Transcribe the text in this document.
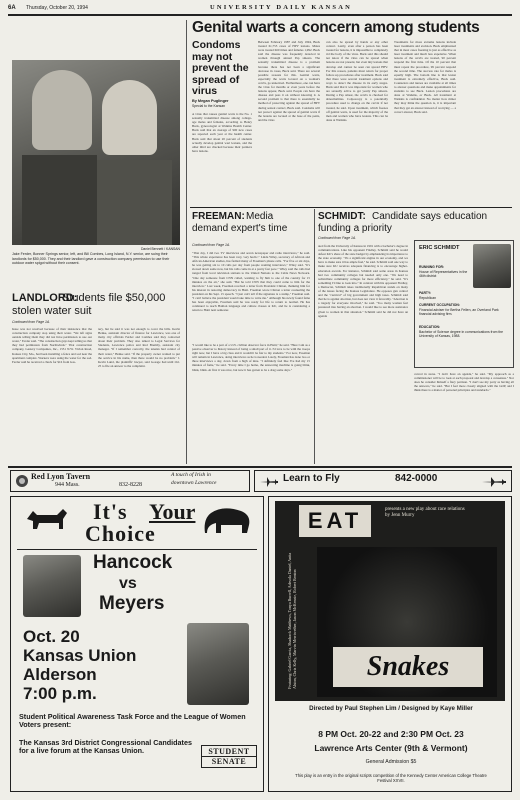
6A Thursday, October 20, 1994	UNIVERSITY DAILY KANSAN
Daniel Bennett / KANSAN
Jake Ferder, Bonner Springs senior, left, and Bill Combes, Long Island, N.Y. senior, are suing their landlords for $50,000. They and their landlord gave a construction company permission to use their outdoor water spigot without their consent.
LANDLORD:
Students file $50,000 stolen water suit
Continued from Page 1A.
Issue was not resolved because of their insistence that the construction company stop using their water. "We left signs outside telling them they did not have permission to use our water," Ferder said. "The construction guys kept telling us that they had permission from Northwinds." That construction company, Gastery Companies, Inc., 1551 N.W. Vivian Road, Kansas City, Mo., had been installing a fence and sod near the apartment complex. Workers were using the water for the sod. Ferder said he received a check for $16 from Gas-
tery, but he said it was not enough to cover the bills. Kevin Henke, assistant director of finance for Lawrence, was one of many city officials Ferder and Combes said they contacted about their problem. They also talked to Legal Services for Students, Lawrence police and Rod Bremby, assistant city manager. "If I remember correctly, the tenants had control of their water," Henke said. "If the property owner wanted to put the service in his name, then there would be no problem." J. Kevin Lund, the plaintiffs' lawyer, said Gosage had until Oct. 25 to file an answer to the complaint.
Genital warts a concern among students
Condoms may not prevent the spread of virus
By Megan Puglinger
Special to the Kansan
A virus that causes genital warts is the No. 1 sexually transmitted disease among college-age males and females, according to Henry Buck, gynecologist at Watkins Health Center. Buck said that an average of 900 new cases are reported each year at the health center. Buck said that about 20 percent of students actually develop genital wart lesions, and the other third are checked because their partners have lesions.
Between February 1987 and July 1994, Buck treated 61,755 cases of HPV lesions. Males were treated 660 times and females 1,992. Buck said the disease was frequently detected in women through annual Pap smears. The sexually transmitted disease is a problem because there has not been a significant decrease in cases, Buck said. There are several possible reasons for this. Genital warts, especially the warts located on a woman's cervix, go unnoticed. Furthermore, one can have the virus for months or even years before the lesions appear, Buck said. People can have the disease and pass it on without knowing it. A second problem is that there is essentially no method of protecting against the spread of HPV during sexual contact, Buck said. Condoms will not protect against the spread of genital warts if the lesions are located at the base of the penis, and the virus
can also be spread by hands or any other contact. Lastly, even after a person has been treated for lesions, it is impossible to completely rid the body of the virus. Buck said this should not know if the virus can be spread when lesions are not present, but even tiny lesions that develop and cannot be seen can spread HPV. For this reason, patients must return for proper follow-up procedures after treatment. Buck said that there were several treatment options and ways to detect the disease in its early stages. Buck said that it was important for women who are sexually active to get yearly Pap smears. During a Pap smear, the cervix is checked for abnormalities. Colposcopy is a potentially procedure used to change on the cervix if not treated, he said. Upon treatment, which freezes off genital warts, is used for the majority of the men and women who have lesions. This can be done at Watkins.
Treatments for more extreme lesions include laser treatments and excision. Buck emphasized that in most cases freezing is just as effective as laser treatment and much less expensive. When lesions of the cervix are treated, 90 percent respond the first time. Of the 10 percent that must repeat the procedure, 99 percent respond the second time. The success rate for males is equally high. The bottom line is that lesion treatment is extremely effective, Buck said. Counselors and nurses are available at all times to answer questions and make appointments for students to see Buck. Lesion procedures are done at Watkins, or Buck. All treatment at Watkins is confidential. No matter how minor they may think the question is, it is important that they get an answer instead of worrying — a correct answer, Buck said.
FREEMAN: Media demand expert's time
Continued from Page 1A.
"That day, I did two TV interviews and seven newspaper and radio interviews," he said. "This whole experience has been very, very hectic." Linda Wiley, secretary of African and African American studies, has fielded many of Freeman's phone calls. "For five or six days, he was getting six to 10 calls per day from people wanting interviews," Wiley said. "It's slowed down some now, but his calls come in at a pretty fast pace." Wiley said the calls had ranged from local television stations to the United Nations to the Cable News Network. "One day someone from CNN called, wanting to fly him to one of the country for 15 minutes on the air," she said. "But he told CNN that they could come to him for the interview." Last week, Freeman received a letter from President Clinton, thanking him for his interest in restoring democracy in Haiti. Freeman wrote Clinton a letter counseling the president on his Sept. 15 speech. "I just can't tell if the signature is a stamp," Freeman said. "I can't believe the president would take time to write me." Although his newly found fame has been enjoyable, Freeman said he was ready for life to return to normal. He has continued to teach Haitian language and culture classes at KU, and he is considering a return to Haiti next semester.
"I would like to be a part of a U.N. civilian observer force in Haiti," he said. "Here I am as a passive observer to history instead of being a small part of it. I'd love to be with the troops right now, but I have a big class and it wouldn't be fair to my students." For now, Freeman will remain in Lawrence, doing interviews as he is needed. Lately, Freeman has done two or three interviews a day, down from a high of nine. "I definitely feel like I've had my 15 minutes of fame," he said. "Every time I go home, the answering machine is going blink, blink, blink. At first it was nice, but now it has gotten to be a drag some days."
SCHMIDT: Candidate says education funding a priority
Continued from Page 1A.
ated from the University of Kansas in 1991 with a bachelor's degree in communications. Like his opponent Findley, Schmidt said he would defeat KU's share of the state budget by emphasizing its importance to the state economy. "It's a significant engine in our economy, and we have to make sure it has ample fuel," he said. Schmidt said one way to make sure KU receives adequate financing is to encourage higher-education awards. For instance, Schmidt said some areas in Kansas had two community colleges but needed only one. "We need to redistribute community colleges for more efficiency," he said. "It's something I'd like to look into." In contrast with his opponent Findley, a Democrat, Schmidt takes traditionally Republican stands on many of the issues facing the Kansas Legislature. He opposes gun control and the "carnival" of big government and high taxes. Schmidt said that he is against abortion, but does not view it favorably. "Abortion is a tragedy for everyone involved," he said. "Too many women feel pressured into having an abortion. I would like to see more assistance given to women in that situation." Schmidt said he did not have an agenda
ERIC SCHMIDT
RUNNING FOR:
House of Representatives in the 46th district
PARTY:
Republican
CURRENT OCCUPATION:
Financial adviser for Bertha Fellen, an Overland Park financial advising firm.
EDUCATION:
Bachelor of Science degree in communications from the University of Kansas, 1988.
carved in stone. "I don't have an agenda," he said. "My approach as a commissioner will be to look at each proposal and develop a consensus." Nor does he consider himself a fiery partisan. "I don't see my party as having all the answers," he said. "But I feel more closely aligned with the GOP, and I think there is a matter of personal principles and standards."
Red Lyon Tavern
944 Mass.	832-8228
A touch of Irish in
downtown Lawrence	Learn to Fly	842-0000
It's Your
Choice
Hancock
vs
Meyers
Oct. 20
Kansas Union
Alderson
7:00 p.m.
Student Political Awareness Task Force and the League of Women Voters present:
The Kansas 3rd District Congressional Candidates for a live forum at the Kansas Union.	STUDENT
SENATE
EAT	presents a new play about race relations by Jenn Murry
Featuring: Gabriel Garcia, Shadrack Matthews, Tonya Burrell, Adesola Daniel, Anita Alston, Chris Kelly, Marvin Merriwether, Jason McKenzie, Robert Benton	Snakes
Directed by Paul Stephen Lim / Designed by Kaye Miller
8 PM Oct. 20-22 and 2:30 PM Oct. 23
Lawrence Arts Center (9th & Vermont)
General Admission $5
This play is an entry in the original scripts competition of the Kennedy Center American College Theatre Festival XXVII.
